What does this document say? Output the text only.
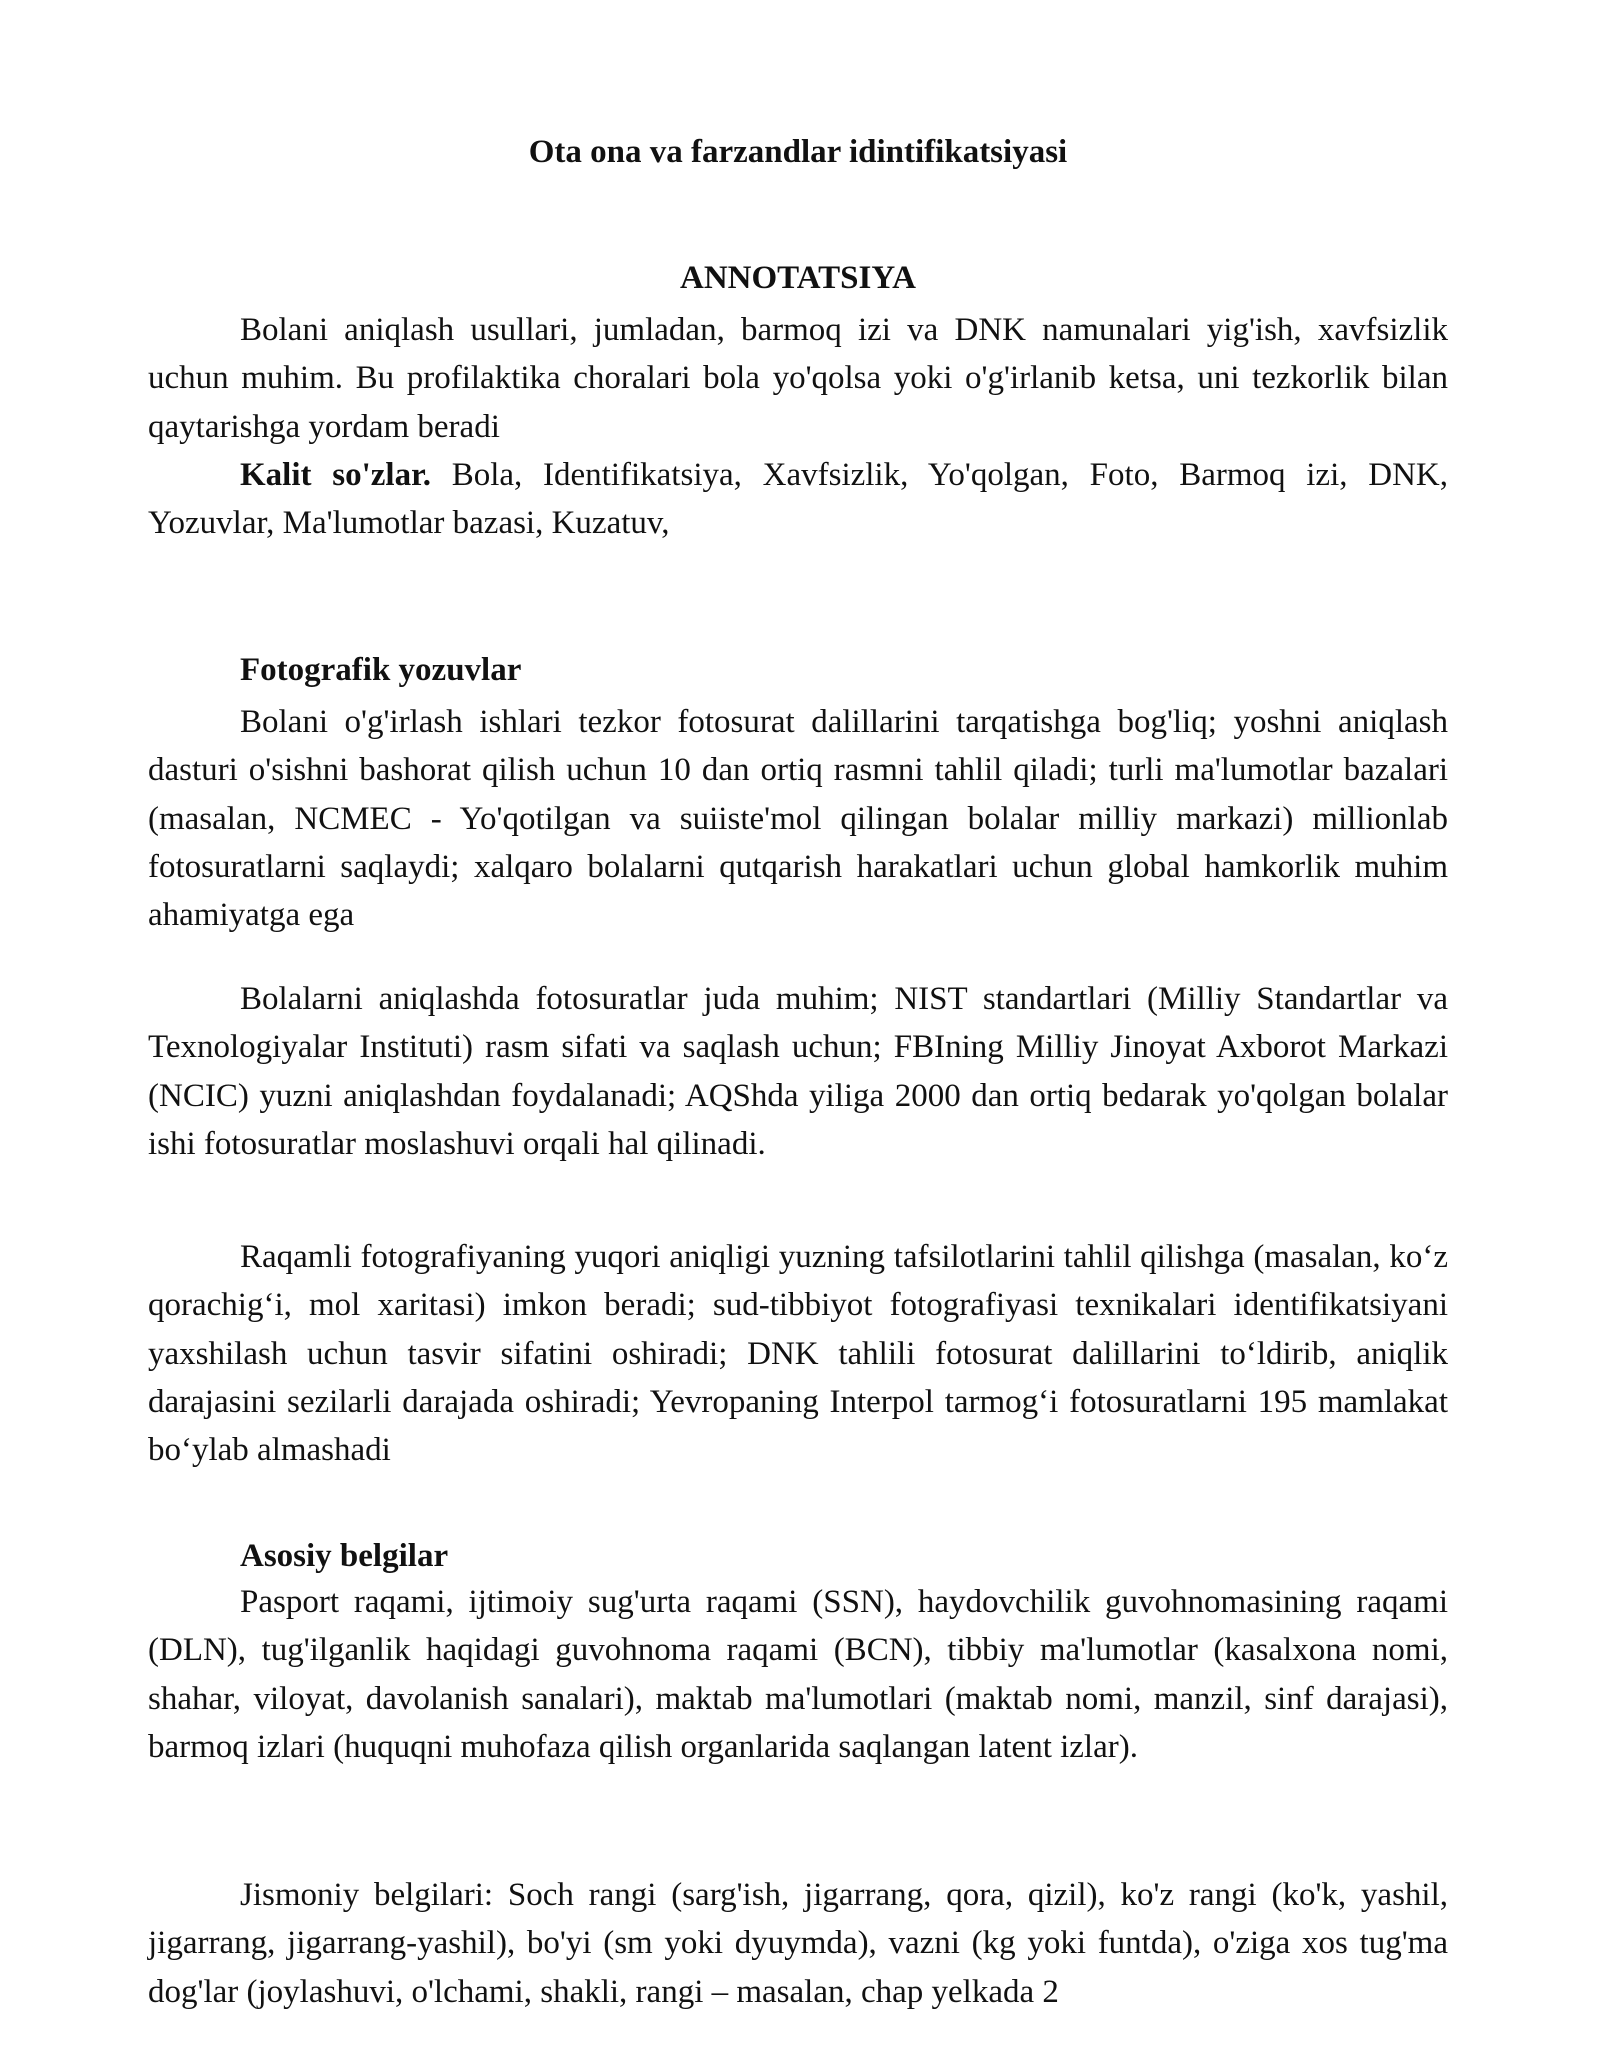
Ota ona va farzandlar idintifikatsiyasi
ANNOTATSIYA

Bolani aniqlash usullari, jumladan, barmoq izi va DNK namunalari yig'ish, xavfsizlik uchun muhim. Bu profilaktika choralari bola yo'qolsa yoki o'g'irlanib ketsa, uni tezkorlik bilan qaytarishga yordam beradi

Kalit so'zlar. Bola, Identifikatsiya, Xavfsizlik, Yo'qolgan, Foto, Barmoq izi, DNK, Yozuvlar, Ma'lumotlar bazasi, Kuzatuv,

Fotografik yozuvlar

Bolani o'g'irlash ishlari tezkor fotosurat dalillarini tarqatishga bog'liq; yoshni aniqlash dasturi o'sishni bashorat qilish uchun 10 dan ortiq rasmni tahlil qiladi; turli ma'lumotlar bazalari (masalan, NCMEC - Yo'qotilgan va suiiste'mol qilingan bolalar milliy markazi) millionlab fotosuratlarni saqlaydi; xalqaro bolalarni qutqarish harakatlari uchun global hamkorlik muhim ahamiyatga ega

Bolalarni aniqlashda fotosuratlar juda muhim; NIST standartlari (Milliy Standartlar va Texnologiyalar Instituti) rasm sifati va saqlash uchun; FBIning Milliy Jinoyat Axborot Markazi (NCIC) yuzni aniqlashdan foydalanadi; AQShda yiliga 2000 dan ortiq bedarak yo'qolgan bolalar ishi fotosuratlar moslashuvi orqali hal qilinadi.

Raqamli fotografiyaning yuqori aniqligi yuzning tafsilotlarini tahlil qilishga (masalan, ko‘z qorachig‘i, mol xaritasi) imkon beradi; sud-tibbiyot fotografiyasi texnikalari identifikatsiyani yaxshilash uchun tasvir sifatini oshiradi; DNK tahlili fotosurat dalillarini to‘ldirib, aniqlik darajasini sezilarli darajada oshiradi; Yevropaning Interpol tarmog‘i fotosuratlarni 195 mamlakat bo‘ylab almashadi

Asosiy belgilar

Pasport raqami, ijtimoiy sug'urta raqami (SSN), haydovchilik guvohnomasining raqami (DLN), tug'ilganlik haqidagi guvohnoma raqami (BCN), tibbiy ma'lumotlar (kasalxona nomi, shahar, viloyat, davolanish sanalari), maktab ma'lumotlari (maktab nomi, manzil, sinf darajasi), barmoq izlari (huquqni muhofaza qilish organlarida saqlangan latent izlar).

Jismoniy belgilari: Soch rangi (sarg'ish, jigarrang, qora, qizil), ko'z rangi (ko'k, yashil, jigarrang, jigarrang-yashil), bo'yi (sm yoki dyuymda), vazni (kg yoki funtda), o'ziga xos tug'ma dog'lar (joylashuvi, o'lchami, shakli, rangi – masalan, chap yelkada 2
